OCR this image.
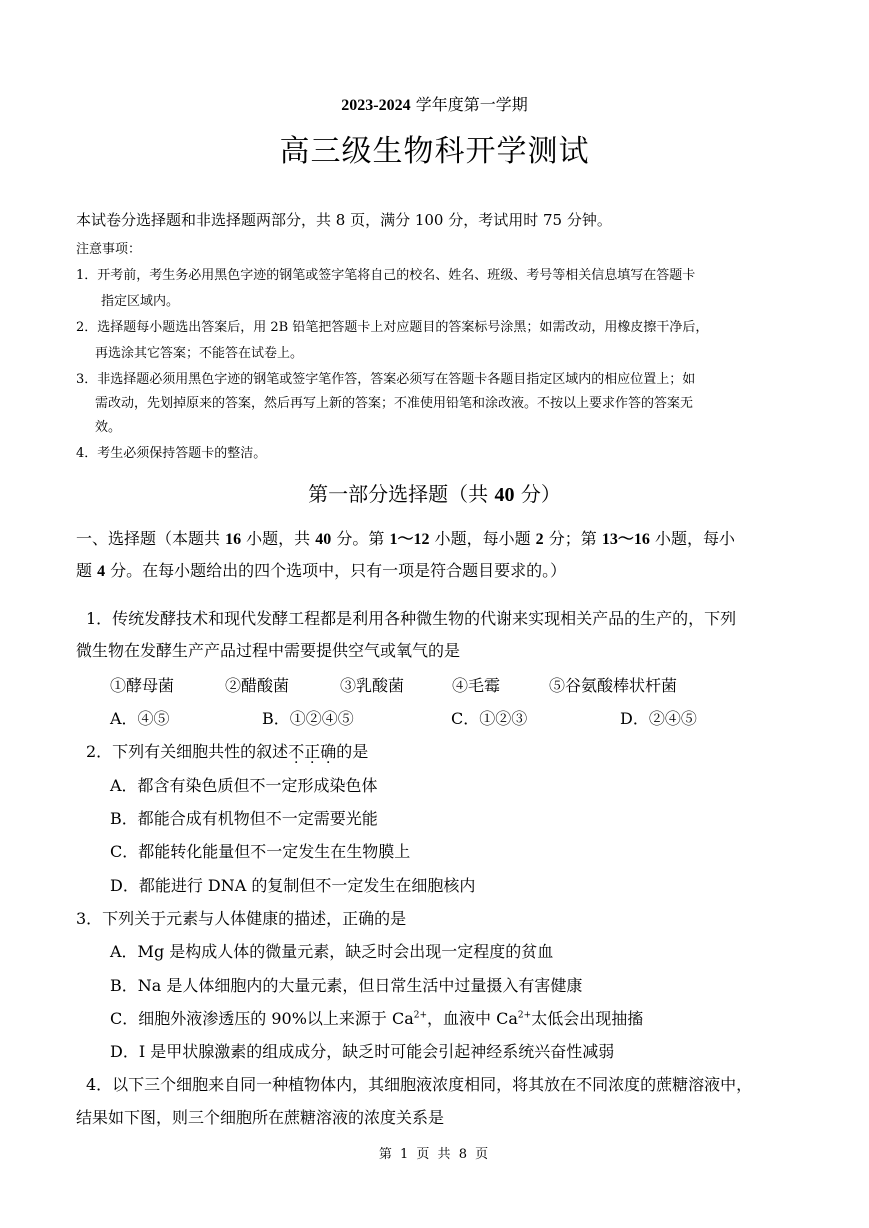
2023-2024 学年度第一学期
高三级生物科开学测试
本试卷分选择题和非选择题两部分，共 8 页，满分 100 分，考试用时 75 分钟。
注意事项：
1．开考前，考生务必用黑色字迹的钢笔或签字笔将自己的校名、姓名、班级、考号等相关信息填写在答题卡
指定区域内。
2．选择题每小题选出答案后，用 2B 铅笔把答题卡上对应题目的答案标号涂黑；如需改动，用橡皮擦干净后，
再选涂其它答案；不能答在试卷上。
3．非选择题必须用黑色字迹的钢笔或签字笔作答，答案必须写在答题卡各题目指定区域内的相应位置上；如
需改动，先划掉原来的答案，然后再写上新的答案；不准使用铅笔和涂改液。不按以上要求作答的答案无
效。
4．考生必须保持答题卡的整洁。
第一部分选择题（共 40 分）
一、选择题（本题共 16 小题，共 40 分。第 1～12 小题，每小题 2 分；第 13～16 小题，每小
题 4 分。在每小题给出的四个选项中，只有一项是符合题目要求的。）
1．传统发酵技术和现代发酵工程都是利用各种微生物的代谢来实现相关产品的生产的，下列
微生物在发酵生产产品过程中需要提供空气或氧气的是
①酵母菌	②醋酸菌	③乳酸菌	④毛霉	⑤谷氨酸棒状杆菌
A．④⑤	B．①②④⑤	C．①②③	D．②④⑤
2．下列有关细胞共性的叙述不正确的是
A．都含有染色质但不一定形成染色体
B．都能合成有机物但不一定需要光能
C．都能转化能量但不一定发生在生物膜上
D．都能进行 DNA 的复制但不一定发生在细胞核内
3．下列关于元素与人体健康的描述，正确的是
A．Mg 是构成人体的微量元素，缺乏时会出现一定程度的贫血
B．Na 是人体细胞内的大量元素，但日常生活中过量摄入有害健康
C．细胞外液渗透压的 90%以上来源于 $Ca^{2+}$，血液中 $Ca^{2+}$太低会出现抽搐
D．I 是甲状腺激素的组成成分，缺乏时可能会引起神经系统兴奋性减弱
4．以下三个细胞来自同一种植物体内，其细胞液浓度相同，将其放在不同浓度的蔗糖溶液中，
结果如下图，则三个细胞所在蔗糖溶液的浓度关系是
第 1 页 共 8 页
